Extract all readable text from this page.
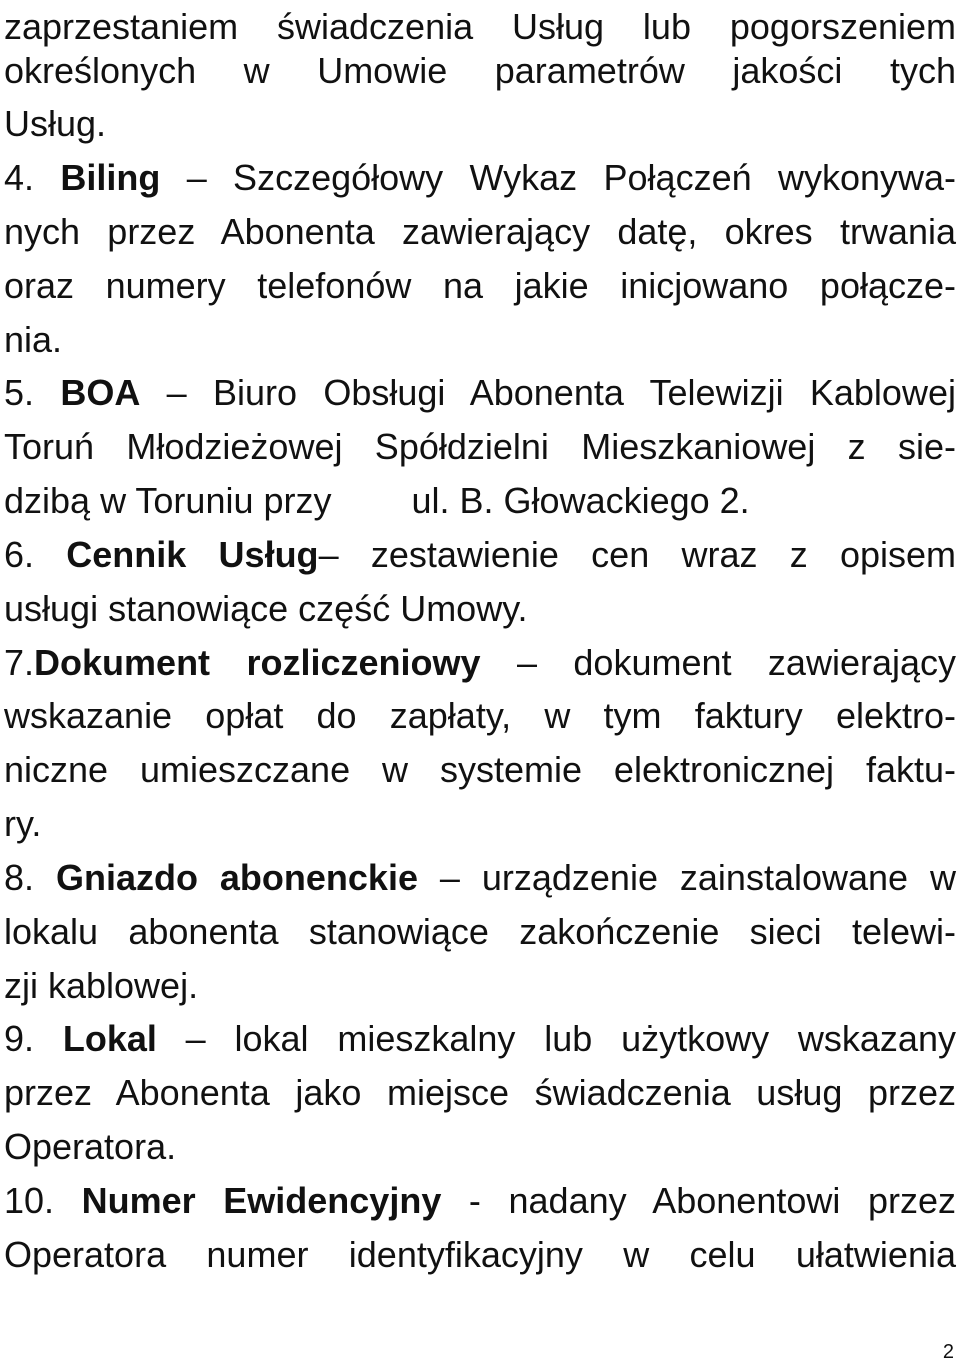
zaprzestaniem świadczenia Usług lub pogorszeniem
określonych w Umowie parametrów jakości tych
Usług.
4. Biling – Szczegółowy Wykaz Połączeń wykonywa-
nych przez Abonenta zawierający datę, okres trwania
oraz numery telefonów na jakie inicjowano połącze-
nia.
5. BOA – Biuro Obsługi Abonenta Telewizji Kablowej
Toruń Młodzieżowej Spółdzielni Mieszkaniowej z sie-
dzibą w Toruniu przy        ul. B. Głowackiego 2.
6. Cennik Usług– zestawienie cen wraz z opisem
usługi stanowiące część Umowy.
7.Dokument rozliczeniowy – dokument zawierający
wskazanie opłat do zapłaty, w tym faktury elektro-
niczne umieszczane w systemie elektronicznej faktu-
ry.
8. Gniazdo abonenckie – urządzenie zainstalowane w
lokalu abonenta stanowiące zakończenie sieci telewi-
zji kablowej.
9. Lokal – lokal mieszkalny lub użytkowy wskazany
przez Abonenta jako miejsce świadczenia usług przez
Operatora.
10. Numer Ewidencyjny - nadany Abonentowi przez
Operatora numer identyfikacyjny w celu ułatwienia
2
